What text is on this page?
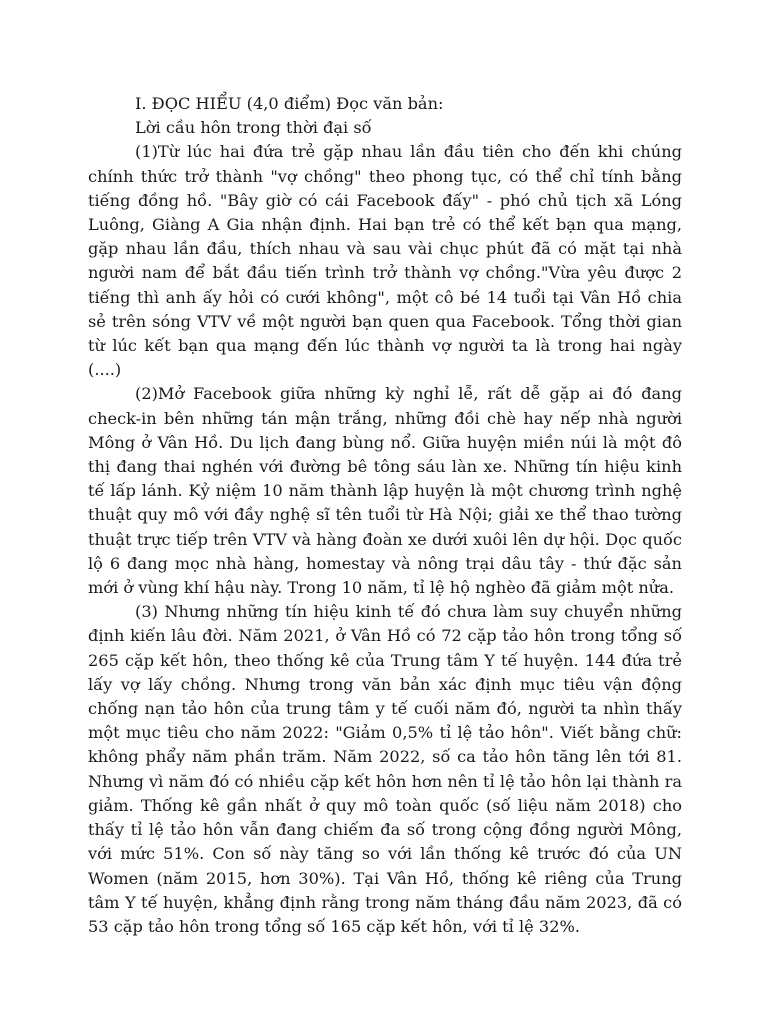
I. ĐỌC HIỂU (4,0 điểm) Đọc văn bản:

Lời cầu hôn trong thời đại số

(1)Từ lúc hai đứa trẻ gặp nhau lần đầu tiên cho đến khi chúng chính thức trở thành "vợ chồng" theo phong tục, có thể chỉ tính bằng tiếng đồng hồ. "Bây giờ có cái Facebook đấy" - phó chủ tịch xã Lóng Luông, Giàng A Gia nhận định. Hai bạn trẻ có thể kết bạn qua mạng, gặp nhau lần đầu, thích nhau và sau vài chục phút đã có mặt tại nhà người nam để bắt đầu tiến trình trở thành vợ chồng."Vừa yêu được 2 tiếng thì anh ấy hỏi có cưới không", một cô bé 14 tuổi tại Vân Hồ chia sẻ trên sóng VTV về một người bạn quen qua Facebook. Tổng thời gian từ lúc kết bạn qua mạng đến lúc thành vợ người ta là trong hai ngày (....)

(2)Mở Facebook giữa những kỳ nghỉ lễ, rất dễ gặp ai đó đang check-in bên những tán mận trắng, những đồi chè hay nếp nhà người Mông ở Vân Hồ. Du lịch đang bùng nổ. Giữa huyện miền núi là một đô thị đang thai nghén với đường bê tông sáu làn xe. Những tín hiệu kinh tế lấp lánh. Kỷ niệm 10 năm thành lập huyện là một chương trình nghệ thuật quy mô với đầy nghệ sĩ tên tuổi từ Hà Nội; giải xe thể thao tường thuật trực tiếp trên VTV và hàng đoàn xe dưới xuôi lên dự hội. Dọc quốc lộ 6 đang mọc nhà hàng, homestay và nông trại dâu tây - thứ đặc sản mới ở vùng khí hậu này. Trong 10 năm, tỉ lệ hộ nghèo đã giảm một nửa.

(3) Nhưng những tín hiệu kinh tế đó chưa làm suy chuyển những định kiến lâu đời. Năm 2021, ở Vân Hồ có 72 cặp tảo hôn trong tổng số 265 cặp kết hôn, theo thống kê của Trung tâm Y tế huyện. 144 đứa trẻ lấy vợ lấy chồng. Nhưng trong văn bản xác định mục tiêu vận động chống nạn tảo hôn của trung tâm y tế cuối năm đó, người ta nhìn thấy một mục tiêu cho năm 2022: "Giảm 0,5% tỉ lệ tảo hôn". Viết bằng chữ: không phẩy năm phần trăm. Năm 2022, số ca tảo hôn tăng lên tới 81. Nhưng vì năm đó có nhiều cặp kết hôn hơn nên tỉ lệ tảo hôn lại thành ra giảm. Thống kê gần nhất ở quy mô toàn quốc (số liệu năm 2018) cho thấy tỉ lệ tảo hôn vẫn đang chiếm đa số trong cộng đồng người Mông, với mức 51%. Con số này tăng so với lần thống kê trước đó của UN Women (năm 2015, hơn 30%). Tại Vân Hồ, thống kê riêng của Trung tâm Y tế huyện, khẳng định rằng trong năm tháng đầu năm 2023, đã có 53 cặp tảo hôn trong tổng số 165 cặp kết hôn, với tỉ lệ 32%.
